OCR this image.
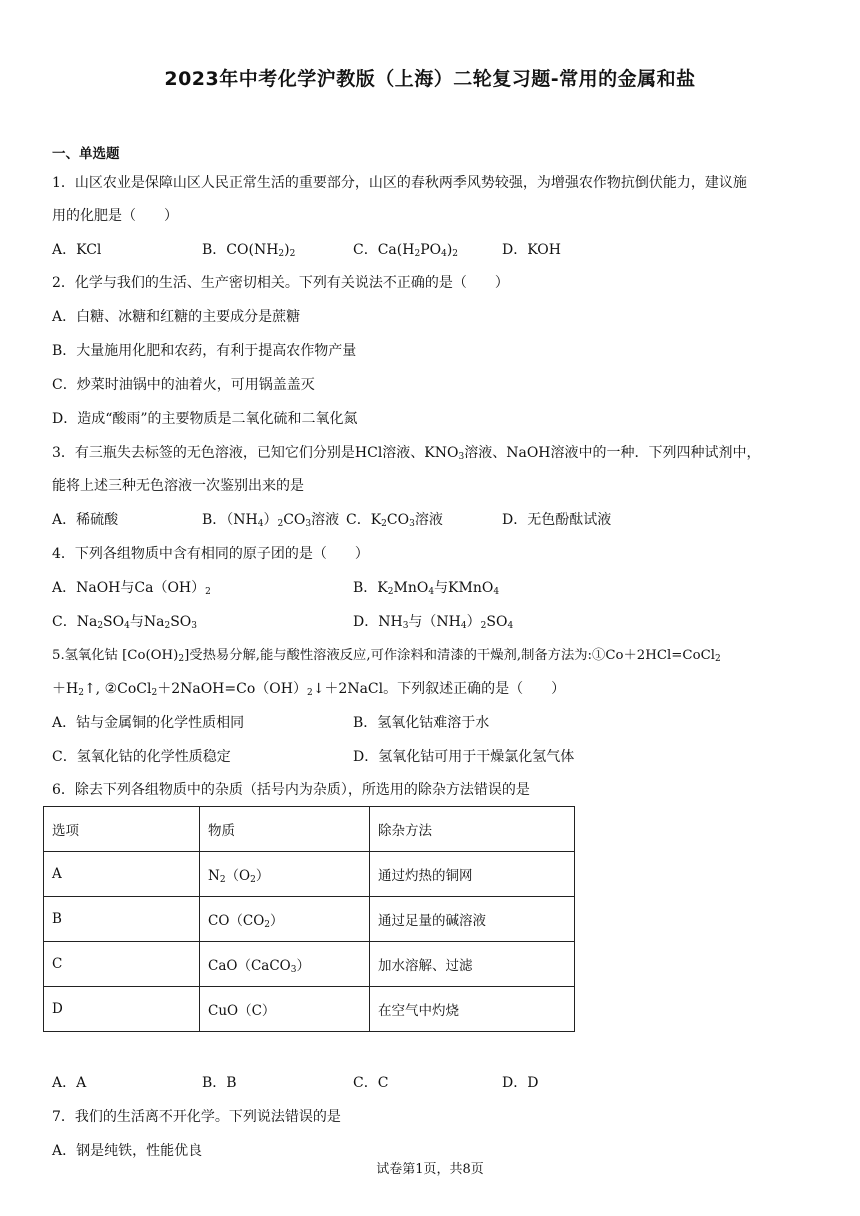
2023年中考化学沪教版（上海）二轮复习题-常用的金属和盐
一、单选题
1．山区农业是保障山区人民正常生活的重要部分，山区的春秋两季风势较强，为增强农作物抗倒伏能力，建议施
用的化肥是（　　）
A．KCl	B．$CO(NH_2)_2$	C．$Ca(H_2PO_4)_2$	D．KOH
2．化学与我们的生活、生产密切相关。下列有关说法不正确的是（　　）
A．白糖、冰糖和红糖的主要成分是蔗糖
B．大量施用化肥和农药，有利于提高农作物产量
C．炒菜时油锅中的油着火，可用锅盖盖灭
D．造成“酸雨”的主要物质是二氧化硫和二氧化氮
3．有三瓶失去标签的无色溶液，已知它们分别是HCl溶液、$KNO_3$溶液、NaOH溶液中的一种．下列四种试剂中，
能将上述三种无色溶液一次鉴别出来的是
A．稀硫酸	B．$(NH_4)_2CO_3$溶液 C．$K_2CO_3$溶液	D．无色酚酞试液
4．下列各组物质中含有相同的原子团的是（　　）
A．NaOH与$Ca(OH)_2$	B．$K_2MnO_4$与KMnO$_4$
C．$Na_2SO_4$与$Na_2SO_3$	D．$NH_3$与$(NH_4)_2SO_4$
5.氢氧化钴 $[Co(OH)_2]$受热易分解,能与酸性溶液反应,可作涂料和清漆的干燥剂,制备方法为:①Co＋2HCl=CoCl$_2$
$+H_2↑$, $②CoCl_2+2NaOH=Co(OH)_2↓+2NaCl$。下列叙述正确的是（　　）
A．钴与金属铜的化学性质相同	B．氢氧化钴难溶于水
C．氢氧化钴的化学性质稳定	D．氢氧化钴可用于干燥氯化氢气体
6．除去下列各组物质中的杂质（括号内为杂质），所选用的除杂方法错误的是
选项	物质	除杂方法
A	$N_2(O_2)$	通过灼热的铜网
B	$CO(CO_2)$	通过足量的碱溶液
C	CaO（CaCO$_3$）	加水溶解、过滤
D	CuO（C）	在空气中灼烧
A．A	B．B	C．C	D．D
7．我们的生活离不开化学。下列说法错误的是
A．钢是纯铁，性能优良
试卷第1页，共8页
